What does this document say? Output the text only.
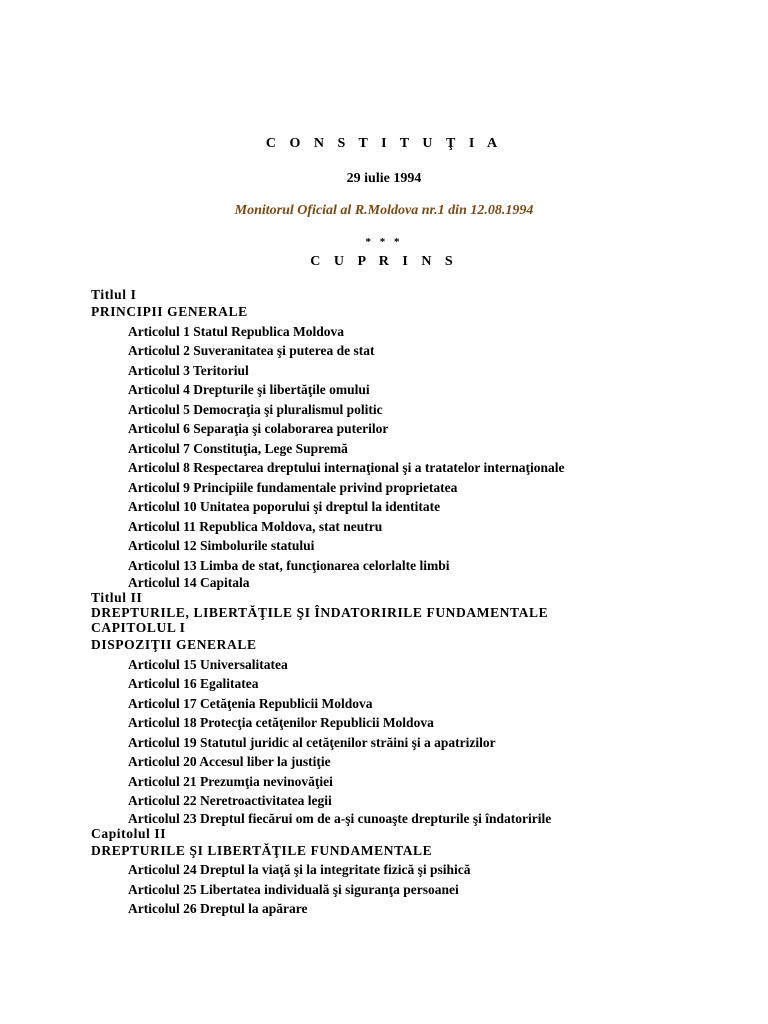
C O N S T I T U Ţ I A
29 iulie 1994
Monitorul Oficial al R.Moldova nr.1 din 12.08.1994
* * *
C U P R I N S
Titlul I
PRINCIPII GENERALE
Articolul 1 Statul Republica Moldova
Articolul 2 Suveranitatea şi puterea de stat
Articolul 3 Teritoriul
Articolul 4 Drepturile şi libertăţile omului
Articolul 5 Democraţia şi pluralismul politic
Articolul 6 Separaţia şi colaborarea puterilor
Articolul 7 Constituţia, Lege Supremă
Articolul 8 Respectarea dreptului internaţional şi a tratatelor internaţionale
Articolul 9 Principiile fundamentale privind proprietatea
Articolul 10 Unitatea poporului şi dreptul la identitate
Articolul 11 Republica Moldova, stat neutru
Articolul 12 Simbolurile statului
Articolul 13 Limba de stat, funcţionarea celorlalte limbi
Articolul 14 Capitala
Titlul II
DREPTURILE, LIBERTĂŢILE ŞI ÎNDATORIRILE FUNDAMENTALE
CAPITOLUL I
DISPOZIŢII GENERALE
Articolul 15 Universalitatea
Articolul 16 Egalitatea
Articolul 17 Cetăţenia Republicii Moldova
Articolul 18 Protecţia cetăţenilor Republicii Moldova
Articolul 19 Statutul juridic al cetăţenilor străini şi a apatrizilor
Articolul 20 Accesul liber la justiţie
Articolul 21 Prezumţia nevinovăţiei
Articolul 22 Neretroactivitatea legii
Articolul 23 Dreptul fiecărui om de a-şi cunoaşte drepturile şi îndatoririle
Capitolul II
DREPTURILE ŞI LIBERTĂŢILE FUNDAMENTALE
Articolul 24 Dreptul la viaţă şi la integritate fizică şi psihică
Articolul 25 Libertatea individuală şi siguranţa persoanei
Articolul 26 Dreptul la apărare
